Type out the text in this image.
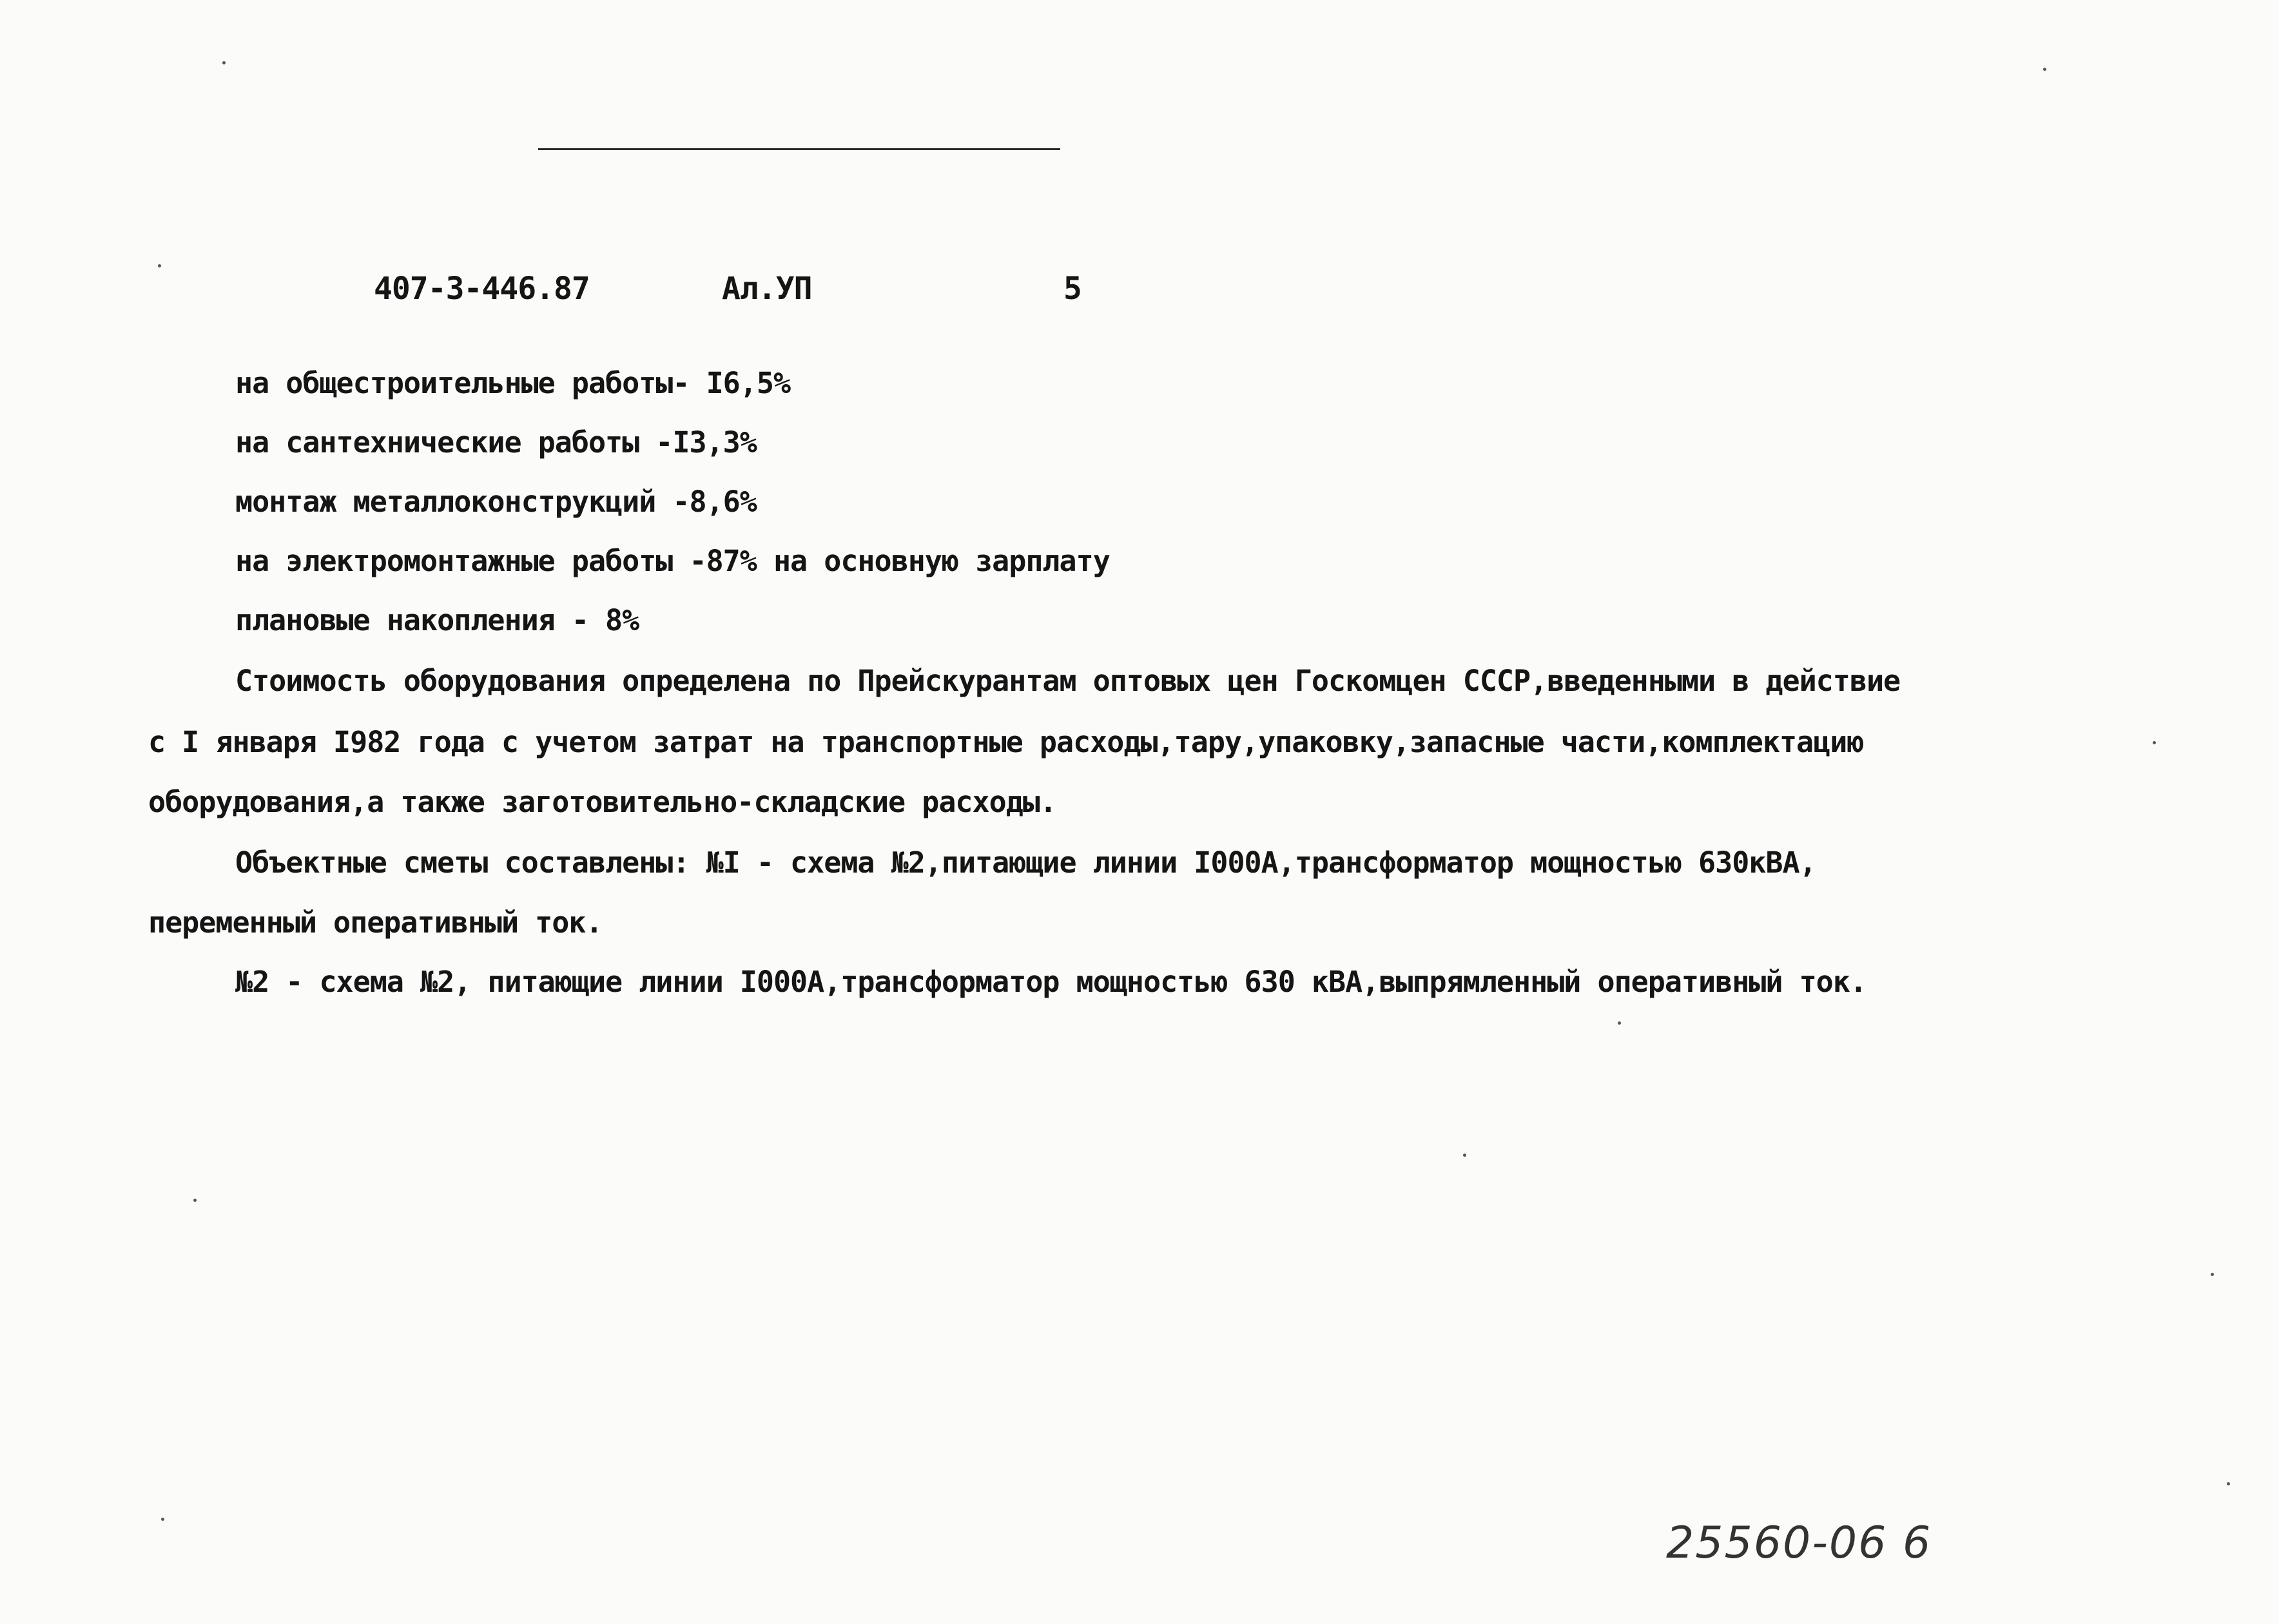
407-3-446.87	Ал.УП	5
на общестроительные работы- I6,5%
на сантехнические работы -I3,3%
монтаж металлоконструкций -8,6%
на электромонтажные работы -87% на основную зарплату
плановые накопления - 8%
Стоимость оборудования определена по Прейскурантам оптовых цен Госкомцен СССР,введенными в действие
с I января I982 года с учетом затрат на транспортные расходы,тару,упаковку,запасные части,комплектацию
оборудования,а также заготовительно-складские расходы.
Объектные сметы составлены: №I - схема №2,питающие линии I000А,трансформатор мощностью 630кВА,
переменный оперативный ток.
№2 - схема №2, питающие линии I000А,трансформатор мощностью 630 кВА,выпрямленный оперативный ток.
25560-06 6
